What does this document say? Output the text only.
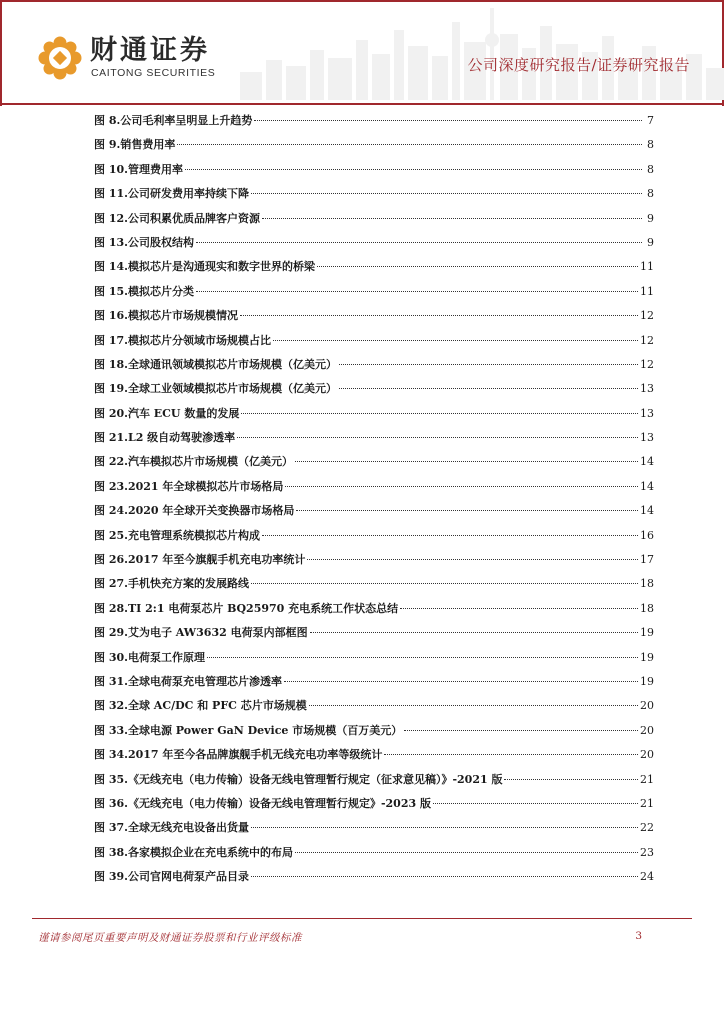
财通证券
CAITONG SECURITIES	公司深度研究报告/证券研究报告
图 8. 公司毛利率呈明显上升趋势	7
图 9. 销售费用率	8
图 10. 管理费用率	8
图 11. 公司研发费用率持续下降	8
图 12. 公司积累优质品牌客户资源	9
图 13. 公司股权结构	9
图 14. 模拟芯片是沟通现实和数字世界的桥梁	11
图 15. 模拟芯片分类	11
图 16. 模拟芯片市场规模情况	12
图 17. 模拟芯片分领域市场规模占比	12
图 18. 全球通讯领域模拟芯片市场规模（亿美元）	12
图 19. 全球工业领域模拟芯片市场规模（亿美元）	13
图 20. 汽车 ECU 数量的发展	13
图 21. L2 级自动驾驶渗透率	13
图 22. 汽车模拟芯片市场规模（亿美元）	14
图 23. 2021 年全球模拟芯片市场格局	14
图 24. 2020 年全球开关变换器市场格局	14
图 25. 充电管理系统模拟芯片构成	16
图 26. 2017 年至今旗舰手机充电功率统计	17
图 27. 手机快充方案的发展路线	18
图 28. TI 2:1 电荷泵芯片 BQ25970 充电系统工作状态总结	18
图 29. 艾为电子 AW3632 电荷泵内部框图	19
图 30. 电荷泵工作原理	19
图 31. 全球电荷泵充电管理芯片渗透率	19
图 32. 全球 AC/DC 和 PFC 芯片市场规模	20
图 33. 全球电源 Power GaN Device 市场规模（百万美元）	20
图 34. 2017 年至今各品牌旗舰手机无线充电功率等级统计	20
图 35. 《无线充电（电力传输）设备无线电管理暂行规定（征求意见稿）》-2021 版	21
图 36. 《无线充电（电力传输）设备无线电管理暂行规定》-2023 版	21
图 37. 全球无线充电设备出货量	22
图 38. 各家模拟企业在充电系统中的布局	23
图 39. 公司官网电荷泵产品目录	24
谨请参阅尾页重要声明及财通证券股票和行业评级标准	3
